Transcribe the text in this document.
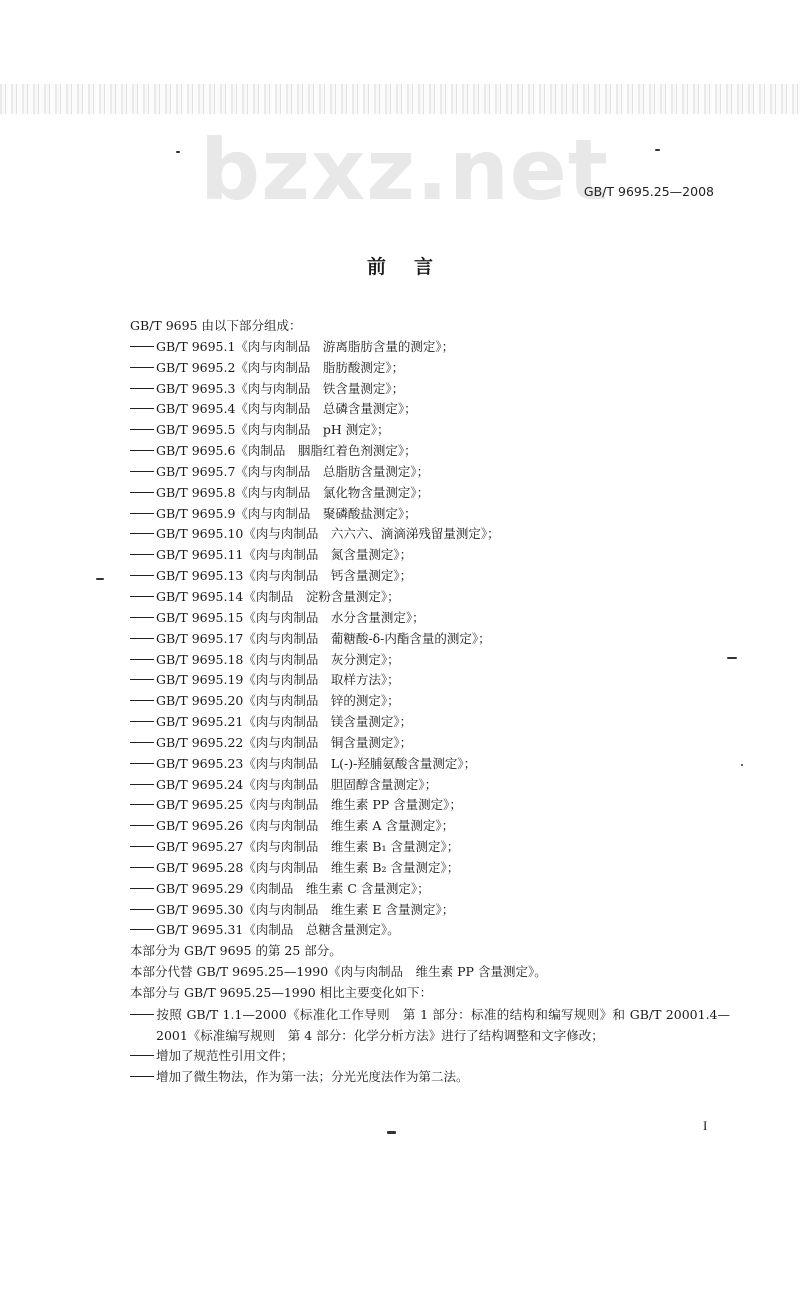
bzxz.net
GB/T 9695.25—2008
前言
GB/T 9695 由以下部分组成：
GB/T 9695.1《肉与肉制品　游离脂肪含量的测定》；
GB/T 9695.2《肉与肉制品　脂肪酸测定》；
GB/T 9695.3《肉与肉制品　铁含量测定》；
GB/T 9695.4《肉与肉制品　总磷含量测定》；
GB/T 9695.5《肉与肉制品　pH 测定》；
GB/T 9695.6《肉制品　胭脂红着色剂测定》；
GB/T 9695.7《肉与肉制品　总脂肪含量测定》；
GB/T 9695.8《肉与肉制品　氯化物含量测定》；
GB/T 9695.9《肉与肉制品　聚磷酸盐测定》；
GB/T 9695.10《肉与肉制品　六六六、滴滴涕残留量测定》；
GB/T 9695.11《肉与肉制品　氮含量测定》；
GB/T 9695.13《肉与肉制品　钙含量测定》；
GB/T 9695.14《肉制品　淀粉含量测定》；
GB/T 9695.15《肉与肉制品　水分含量测定》；
GB/T 9695.17《肉与肉制品　葡糖酸-δ-内酯含量的测定》；
GB/T 9695.18《肉与肉制品　灰分测定》；
GB/T 9695.19《肉与肉制品　取样方法》；
GB/T 9695.20《肉与肉制品　锌的测定》；
GB/T 9695.21《肉与肉制品　镁含量测定》；
GB/T 9695.22《肉与肉制品　铜含量测定》；
GB/T 9695.23《肉与肉制品　L(-)-羟脯氨酸含量测定》；
GB/T 9695.24《肉与肉制品　胆固醇含量测定》；
GB/T 9695.25《肉与肉制品　维生素 PP 含量测定》；
GB/T 9695.26《肉与肉制品　维生素 A 含量测定》；
GB/T 9695.27《肉与肉制品　维生素 B₁ 含量测定》；
GB/T 9695.28《肉与肉制品　维生素 B₂ 含量测定》；
GB/T 9695.29《肉制品　维生素 C 含量测定》；
GB/T 9695.30《肉与肉制品　维生素 E 含量测定》；
GB/T 9695.31《肉制品　总糖含量测定》。
本部分为 GB/T 9695 的第 25 部分。
本部分代替 GB/T 9695.25—1990《肉与肉制品　维生素 PP 含量测定》。
本部分与 GB/T 9695.25—1990 相比主要变化如下：
按照 GB/T 1.1—2000《标准化工作导则　第 1 部分：标准的结构和编写规则》和 GB/T 20001.4—2001《标准编写规则　第 4 部分：化学分析方法》进行了结构调整和文字修改；
增加了规范性引用文件；
增加了微生物法，作为第一法；分光光度法作为第二法。
I
